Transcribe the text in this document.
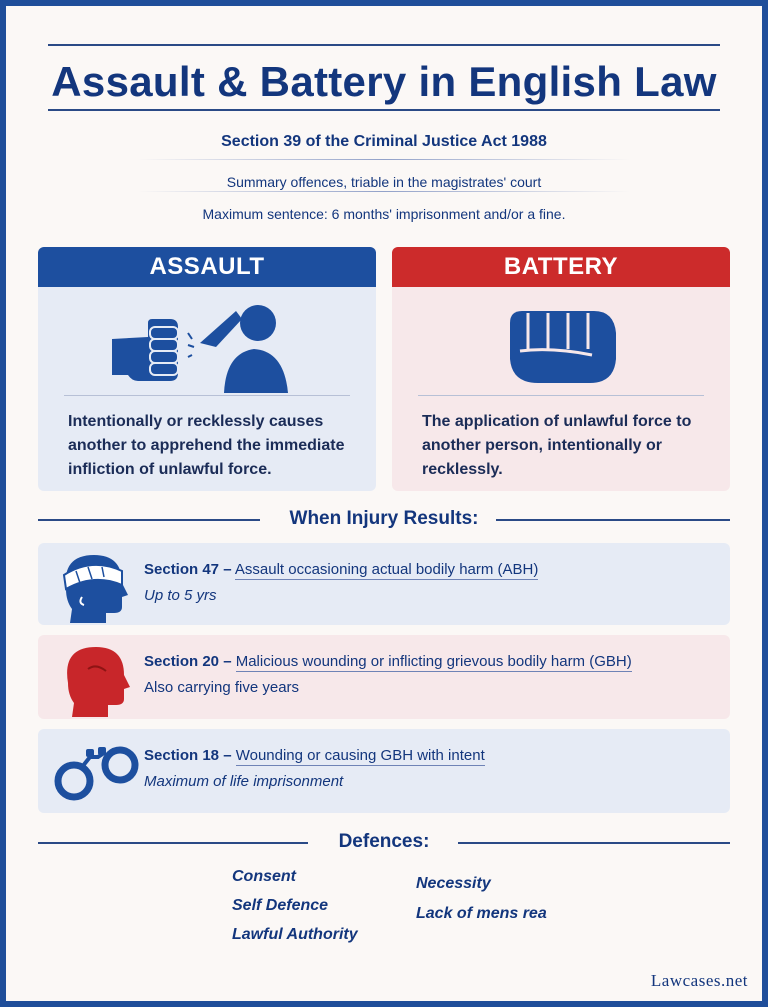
Assault & Battery in English Law
Section 39 of the Criminal Justice Act 1988
Summary offences, triable in the magistrates' court
Maximum sentence: 6 months' imprisonment and/or a fine.
ASSAULT
Intentionally or recklessly causes another to apprehend the immediate infliction of unlawful force.
BATTERY
The application of unlawful force to another person, intentionally or recklessly.
When Injury Results:
Section 47 – Assault occasioning actual bodily harm (ABH)
Up to 5 yrs
Section 20 – Malicious wounding or inflicting grievous bodily harm (GBH)
Also carrying five years
Section 18 – Wounding or causing GBH with intent
Maximum of life imprisonment
Defences:
Consent
Self Defence
Lawful Authority
Necessity
Lack of mens rea
Lawcases.net
